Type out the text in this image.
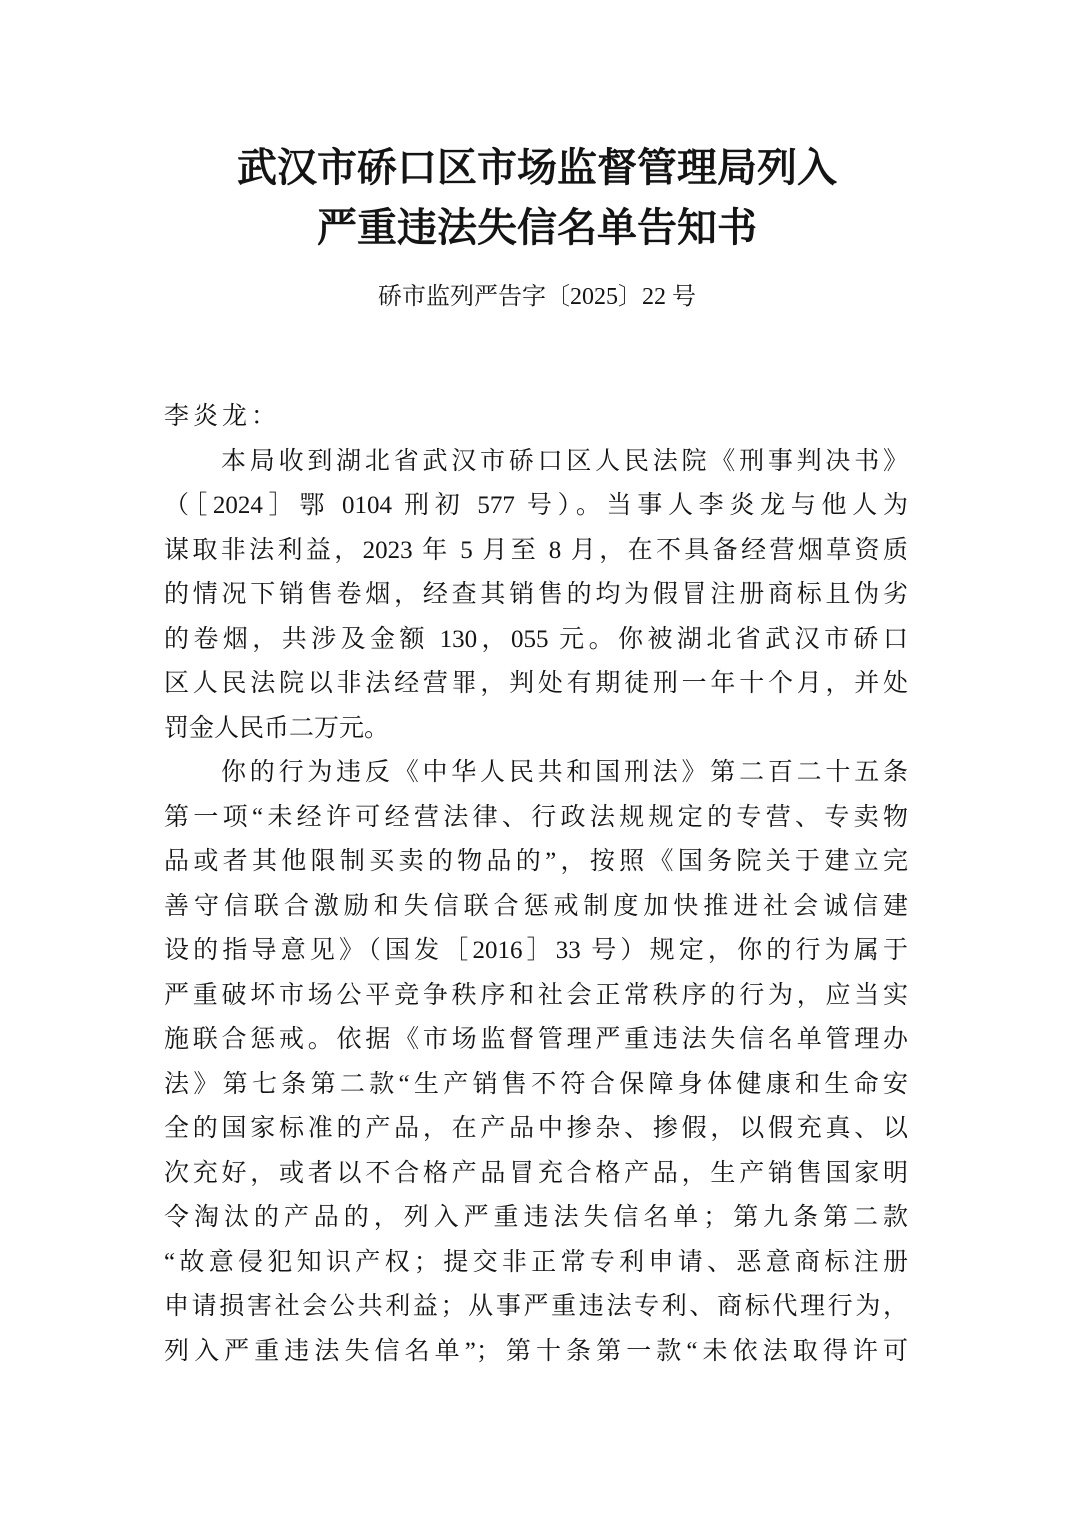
武汉市硚口区市场监督管理局列入
严重违法失信名单告知书
硚市监列严告字〔2025〕22 号
李炎龙：
本局收到湖北省武汉市硚口区人民法院《刑事判决书》
（［2024］鄂 0104 刑初 577 号）。当事人李炎龙与他人为
谋取非法利益，2023 年 5 月至 8 月，在不具备经营烟草资质
的情况下销售卷烟，经查其销售的均为假冒注册商标且伪劣
的卷烟，共涉及金额 130，055 元。你被湖北省武汉市硚口
区人民法院以非法经营罪，判处有期徒刑一年十个月，并处
罚金人民币二万元。
你的行为违反《中华人民共和国刑法》第二百二十五条
第一项“未经许可经营法律、行政法规规定的专营、专卖物
品或者其他限制买卖的物品的”，按照《国务院关于建立完
善守信联合激励和失信联合惩戒制度加快推进社会诚信建
设的指导意见》（国发［2016］33 号）规定，你的行为属于
严重破坏市场公平竞争秩序和社会正常秩序的行为，应当实
施联合惩戒。依据《市场监督管理严重违法失信名单管理办
法》第七条第二款“生产销售不符合保障身体健康和生命安
全的国家标准的产品，在产品中掺杂、掺假，以假充真、以
次充好，或者以不合格产品冒充合格产品，生产销售国家明
令淘汰的产品的，列入严重违法失信名单；第九条第二款
“故意侵犯知识产权；提交非正常专利申请、恶意商标注册
申请损害社会公共利益；从事严重违法专利、商标代理行为，
列入严重违法失信名单”；第十条第一款“未依法取得许可
